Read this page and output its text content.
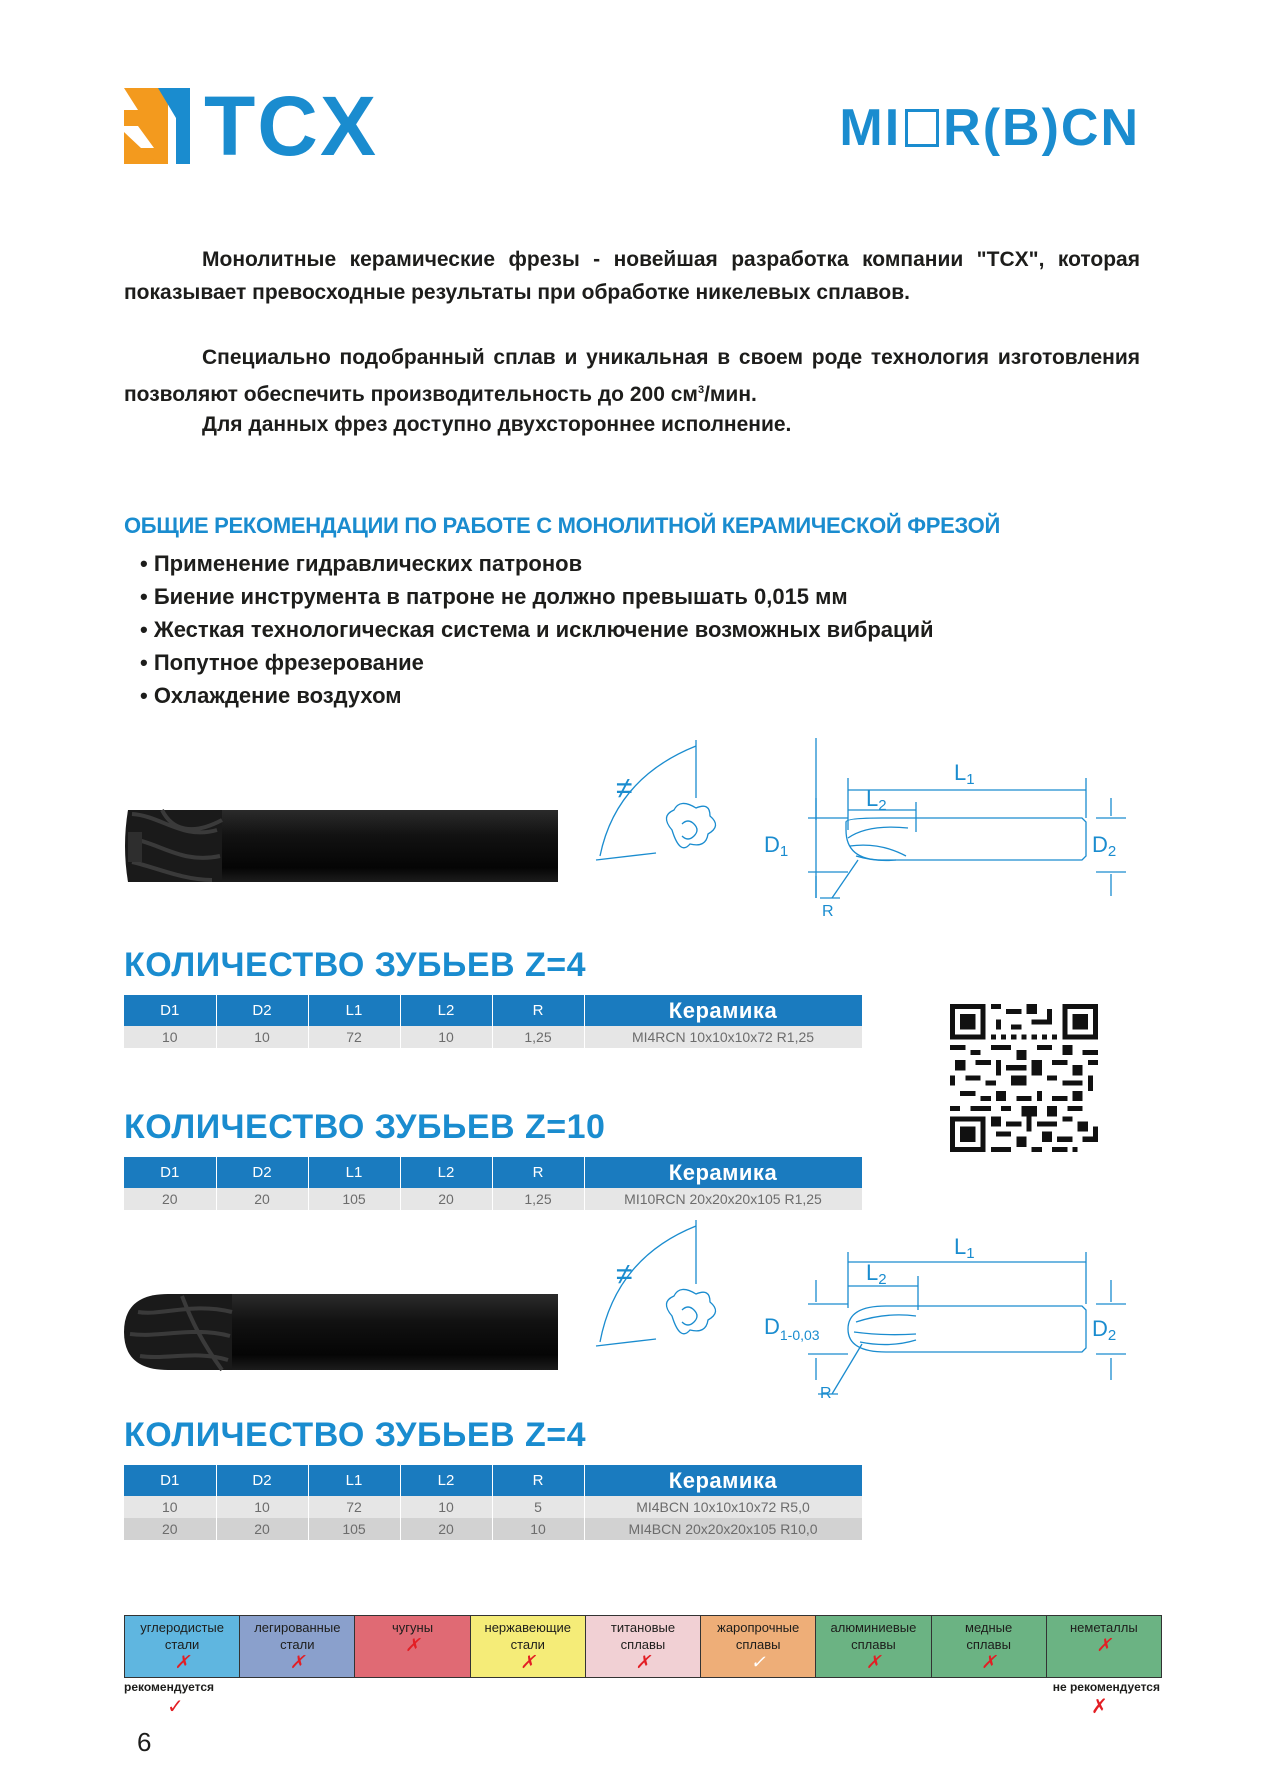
TCX	MI R(B)CN
Монолитные керамические фрезы - новейшая разработка компании "TCX", которая показывает превосходные результаты при обработке никелевых сплавов.
Специально подобранный сплав и уникальная в своем роде технология изготовления позволяют обеспечить производительность до 200 $см^3$/мин.
Для данных фрез доступно двухстороннее исполнение.
ОБЩИЕ РЕКОМЕНДАЦИИ ПО РАБОТЕ С МОНОЛИТНОЙ КЕРАМИЧЕСКОЙ ФРЕЗОЙ
• Применение гидравлических патронов
• Биение инструмента в патроне не должно превышать 0,015 мм
• Жесткая технологическая система и исключение возможных вибраций
• Попутное фрезерование
• Охлаждение воздухом
≠	L1
L2
D1	D2
R
КОЛИЧЕСТВО ЗУБЬЕВ Z=4
D1	D2	L1	L2	R	Керамика
10	10	72	10	1,25	MI4RCN 10x10x10x72 R1,25
КОЛИЧЕСТВО ЗУБЬЕВ Z=10
D1	D2	L1	L2	R	Керамика
20	20	105	20	1,25	MI10RCN 20x20x20x105 R1,25
≠
L1
L2
$D_{1-0,03}$	D2
R
КОЛИЧЕСТВО ЗУБЬЕВ Z=4
D1	D2	L1	L2	R	Керамика
10	10	72	10	5	MI4BCN 10x10x10x72 R5,0
20	20	105	20	10	MI4BCN 20x20x20x105 R10,0
углеродистые
стали
✗
легированные
стали
✗
чугуны
✗
нержавеющие
стали
✗
титановые
сплавы
✗
жаропрочные
сплавы
✓
алюминиевые
сплавы
✗
медные
сплавы
✗
неметаллы
✗
рекомендуется
✓
не рекомендуется
✗
6
